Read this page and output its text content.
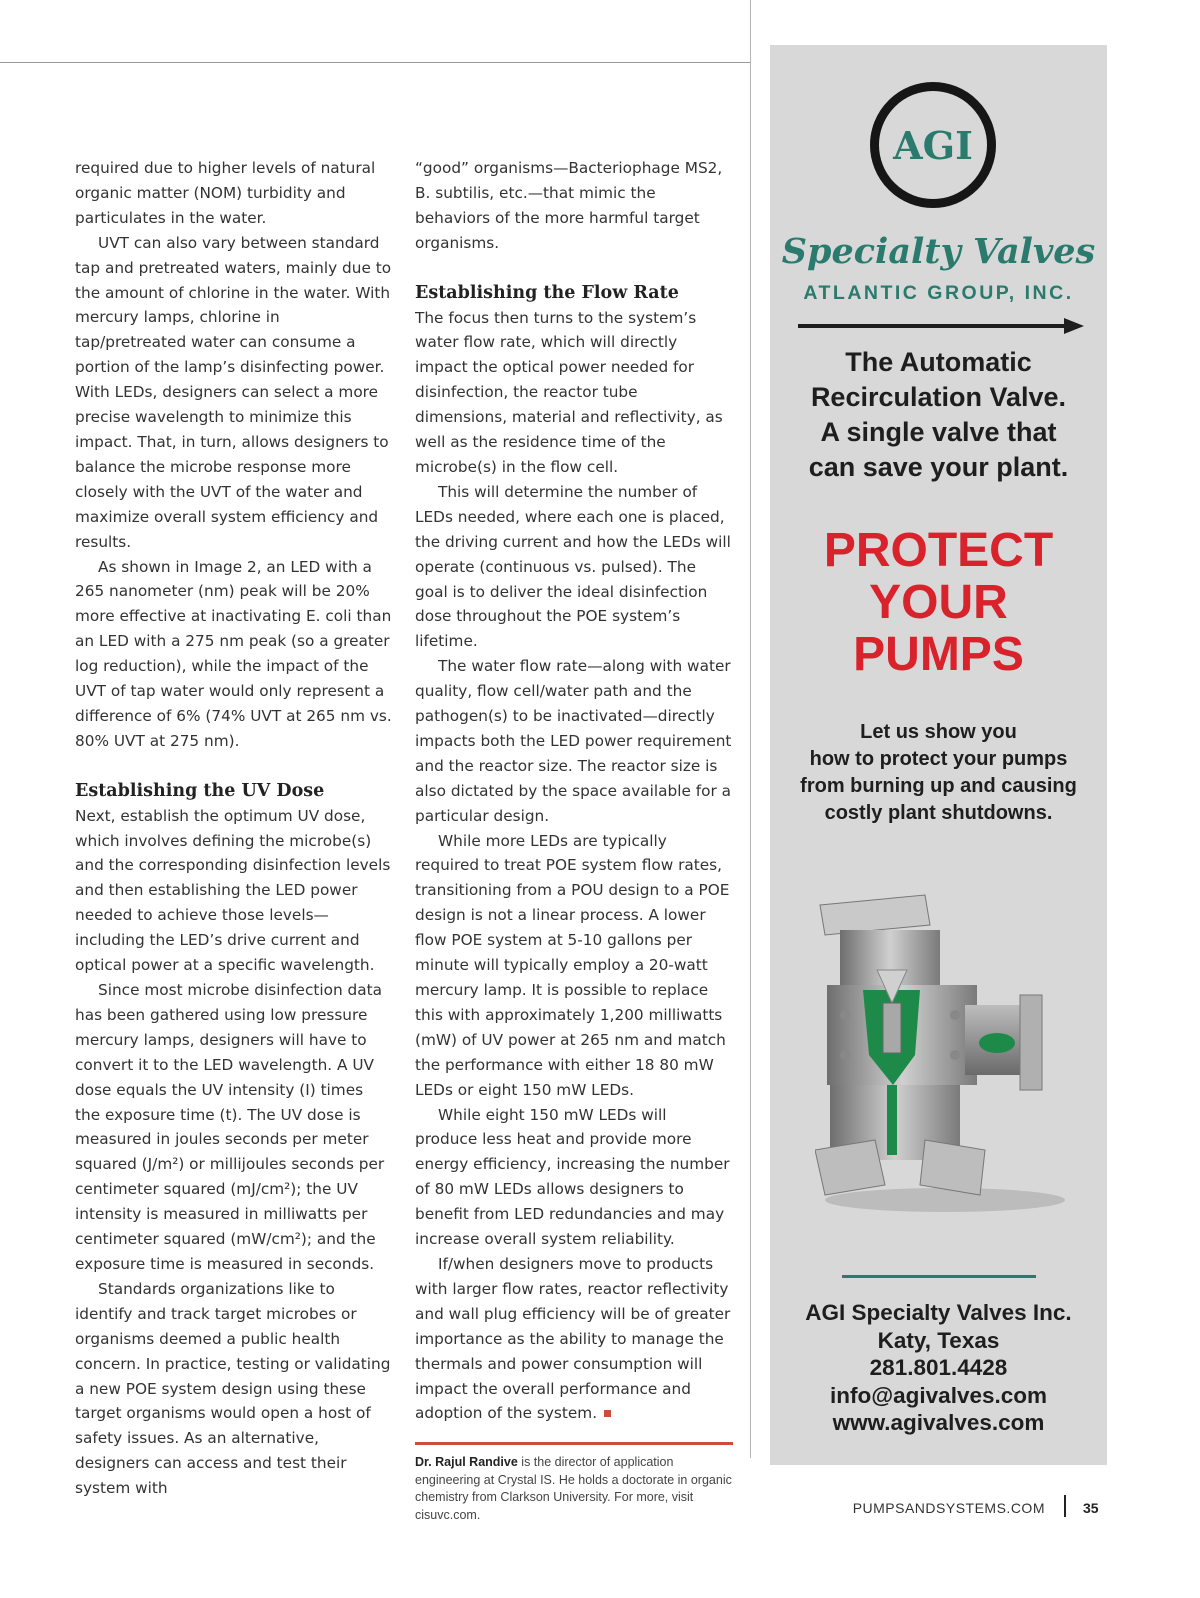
required due to higher levels of natural organic matter (NOM) turbidity and particulates in the water.

UVT can also vary between standard tap and pretreated waters, mainly due to the amount of chlorine in the water. With mercury lamps, chlorine in tap/pretreated water can consume a portion of the lamp’s disinfecting power. With LEDs, designers can select a more precise wavelength to minimize this impact. That, in turn, allows designers to balance the microbe response more closely with the UVT of the water and maximize overall system efficiency and results.

As shown in Image 2, an LED with a 265 nanometer (nm) peak will be 20% more effective at inactivating E. coli than an LED with a 275 nm peak (so a greater log reduction), while the impact of the UVT of tap water would only represent a difference of 6% (74% UVT at 265 nm vs. 80% UVT at 275 nm).

Establishing the UV Dose

Next, establish the optimum UV dose, which involves defining the microbe(s) and the corresponding disinfection levels and then establishing the LED power needed to achieve those levels—including the LED’s drive current and optical power at a specific wavelength.

Since most microbe disinfection data has been gathered using low pressure mercury lamps, designers will have to convert it to the LED wavelength. A UV dose equals the UV intensity (I) times the exposure time (t). The UV dose is measured in joules seconds per meter squared (J/m²) or millijoules seconds per centimeter squared (mJ/cm²); the UV intensity is measured in milliwatts per centimeter squared (mW/cm²); and the exposure time is measured in seconds.

Standards organizations like to identify and track target microbes or organisms deemed a public health concern. In practice, testing or validating a new POE system design using these target organisms would open a host of safety issues. As an alternative, designers can access and test their system with

“good” organisms—Bacteriophage MS2, B. subtilis, etc.—that mimic the behaviors of the more harmful target organisms.

Establishing the Flow Rate

The focus then turns to the system’s water flow rate, which will directly impact the optical power needed for disinfection, the reactor tube dimensions, material and reflectivity, as well as the residence time of the microbe(s) in the flow cell.

This will determine the number of LEDs needed, where each one is placed, the driving current and how the LEDs will operate (continuous vs. pulsed). The goal is to deliver the ideal disinfection dose throughout the POE system’s lifetime.

The water flow rate—along with water quality, flow cell/water path and the pathogen(s) to be inactivated—directly impacts both the LED power requirement and the reactor size. The reactor size is also dictated by the space available for a particular design.

While more LEDs are typically required to treat POE system flow rates, transitioning from a POU design to a POE design is not a linear process. A lower flow POE system at 5-10 gallons per minute will typically employ a 20-watt mercury lamp. It is possible to replace this with approximately 1,200 milliwatts (mW) of UV power at 265 nm and match the performance with either 18 80 mW LEDs or eight 150 mW LEDs.

While eight 150 mW LEDs will produce less heat and provide more energy efficiency, increasing the number of 80 mW LEDs allows designers to benefit from LED redundancies and may increase overall system reliability.

If/when designers move to products with larger flow rates, reactor reflectivity and wall plug efficiency will be of greater importance as the ability to manage the thermals and power consumption will impact the overall performance and adoption of the system.

Dr. Rajul Randive is the director of application engineering at Crystal IS. He holds a doctorate in organic chemistry from Clarkson University. For more, visit cisuvc.com.
AGI
Specialty Valves
ATLANTIC GROUP, INC.
The Automatic
Recirculation Valve.
A single valve that
can save your plant.
PROTECT
YOUR
PUMPS
Let us show you
how to protect your pumps
from burning up and causing
costly plant shutdowns.
AGI Specialty Valves Inc.
Katy, Texas
281.801.4428
info@agivalves.com
www.agivalves.com
PUMPSANDSYSTEMS.COM	35
